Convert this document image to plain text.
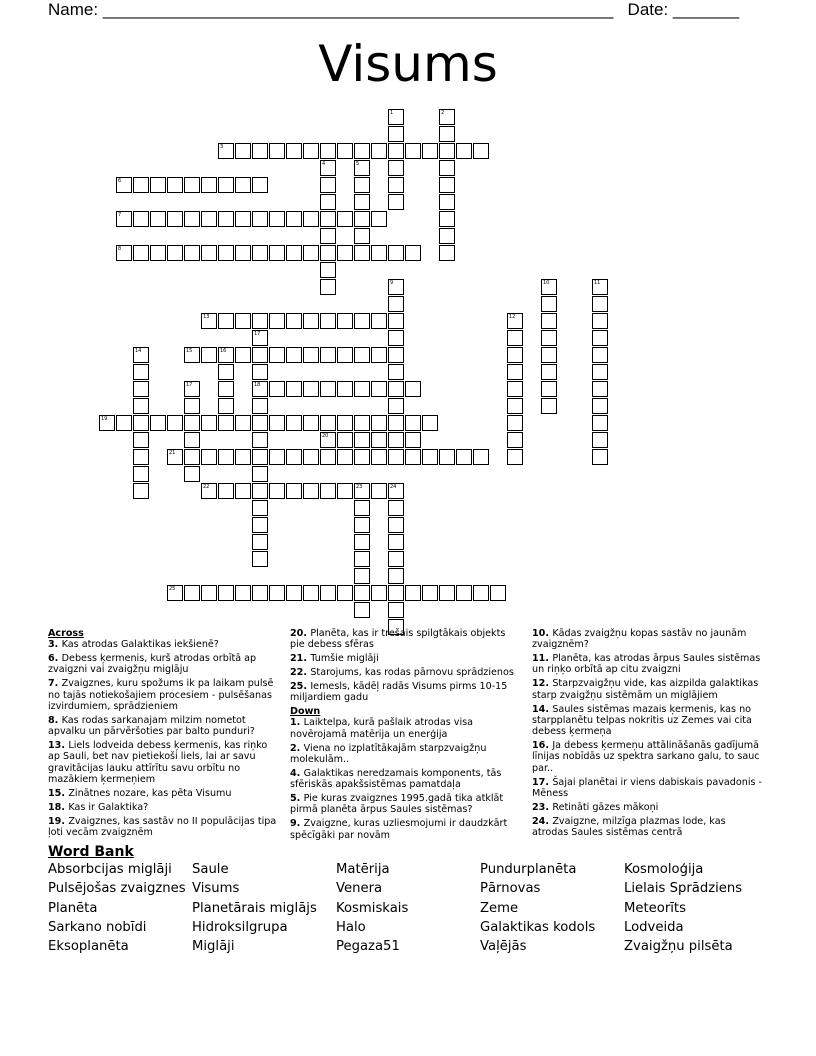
Name: ______________________________________________________ Date: _______
Visums
3
6
7
8
13
15
18
19
21
22
20
25
1	2
4	5
9	10	11
12
14	16
17
17
23	24
Across
3. Kas atrodas Galaktikas iekšienē?
6. Debess ķermenis, kurš atrodas orbītā ap zvaigzni vai zvaigžņu miglāju
7. Zvaigznes, kuru spožums ik pa laikam pulsē no tajās notiekošajiem procesiem - pulsēšanas izvirdumiem, sprādzieniem
8. Kas rodas sarkanajam milzim nometot apvalku un pārvēršoties par balto punduri?
13. Liels lodveida debess ķermenis, kas riņko ap Sauli, bet nav pietiekoši liels, lai ar savu gravitācijas lauku attīrītu savu orbītu no mazākiem ķermeņiem
15. Zinātnes nozare, kas pēta Visumu
18. Kas ir Galaktika?
19. Zvaigznes, kas sastāv no II populācijas tipa ļoti vecām zvaigznēm
20. Planēta, kas ir trešais spilgtākais objekts pie debess sfēras
21. Tumšie miglāji
22. Starojums, kas rodas pārnovu sprādzienos
25. Iemesls, kādēļ radās Visums pirms 10-15 miljardiem gadu
Down
1. Laiktelpa, kurā pašlaik atrodas visa novērojamā matērija un enerģija
2. Viena no izplatītākajām starpzvaigžņu molekulām..
4. Galaktikas neredzamais komponents, tās sfēriskās apakšsistēmas pamatdaļa
5. Pie kuras zvaigznes 1995.gadā tika atklāt pirmā planēta ārpus Saules sistēmas?
9. Zvaigzne, kuras uzliesmojumi ir daudzkārt spēcīgāki par novām
10. Kādas zvaigžņu kopas sastāv no jaunām zvaigznēm?
11. Planēta, kas atrodas ārpus Saules sistēmas un riņķo orbītā ap citu zvaigzni
12. Starpzvaigžņu vide, kas aizpilda galaktikas starp zvaigžņu sistēmām un miglājiem
14. Saules sistēmas mazais ķermenis, kas no starpplanētu telpas nokritis uz Zemes vai cita debess ķermeņa
16. Ja debess ķermeņu attālināšanās gadījumā līnijas nobīdās uz spektra sarkano galu, to sauc par..
17. Šajai planētai ir viens dabiskais pavadonis - Mēness
23. Retināti gāzes mākoņi
24. Zvaigzne, milzīga plazmas lode, kas atrodas Saules sistēmas centrā
Word Bank
Absorbcijas miglāji	Saule	Matērija	Pundurplanēta	Kosmoloģija
Pulsējošas zvaigznes Visums	Venera	Pārnovas	Lielais Sprādziens
Planēta	Planetārais miglājs	Kosmiskais	Zeme	Meteorīts
Sarkano nobīdi	Hidroksilgrupa	Halo	Galaktikas kodols	Lodveida
Eksoplanēta	Miglāji	Pegaza51	Vaļējās	Zvaigžņu pilsēta
